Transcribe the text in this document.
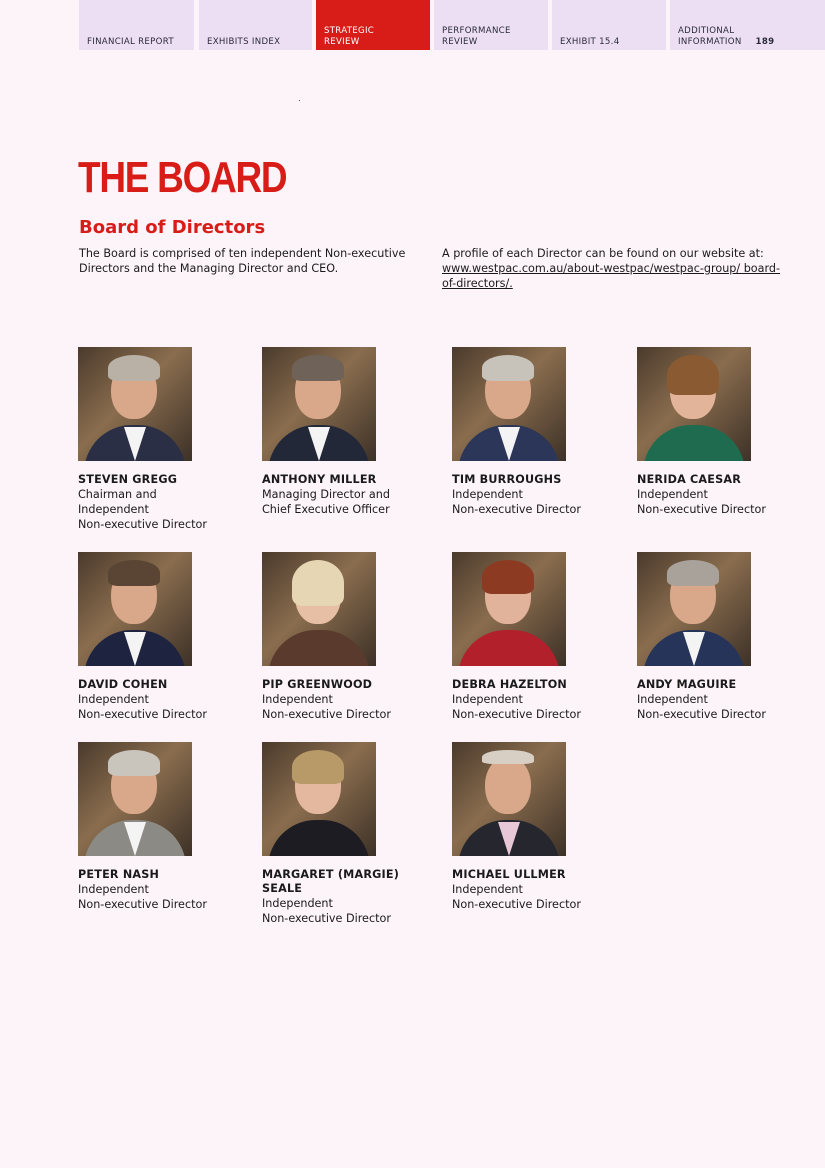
FINANCIAL REPORT	EXHIBITS INDEX
STRATEGIC
REVIEW
PERFORMANCE
REVIEW	EXHIBIT 15.4
ADDITIONAL
INFORMATION 189
THE BOARD
Board of Directors

The Board is comprised of ten independent Non-executive Directors and the Managing Director and CEO.

A profile of each Director can be found on our website at: www.westpac.com.au/about-westpac/westpac-group/ board-of-directors/.

STEVEN GREGG
Chairman and
Independent
Non-executive Director
ANTHONY MILLER
Managing Director and
Chief Executive Officer
TIM BURROUGHS
Independent
Non-executive Director
NERIDA CAESAR
Independent
Non-executive Director
DAVID COHEN
Independent
Non-executive Director
PIP GREENWOOD
Independent
Non-executive Director
DEBRA HAZELTON
Independent
Non-executive Director
ANDY MAGUIRE
Independent
Non-executive Director
PETER NASH
Independent
Non-executive Director
MARGARET (MARGIE) SEALE
Independent
Non-executive Director
MICHAEL ULLMER
Independent
Non-executive Director
